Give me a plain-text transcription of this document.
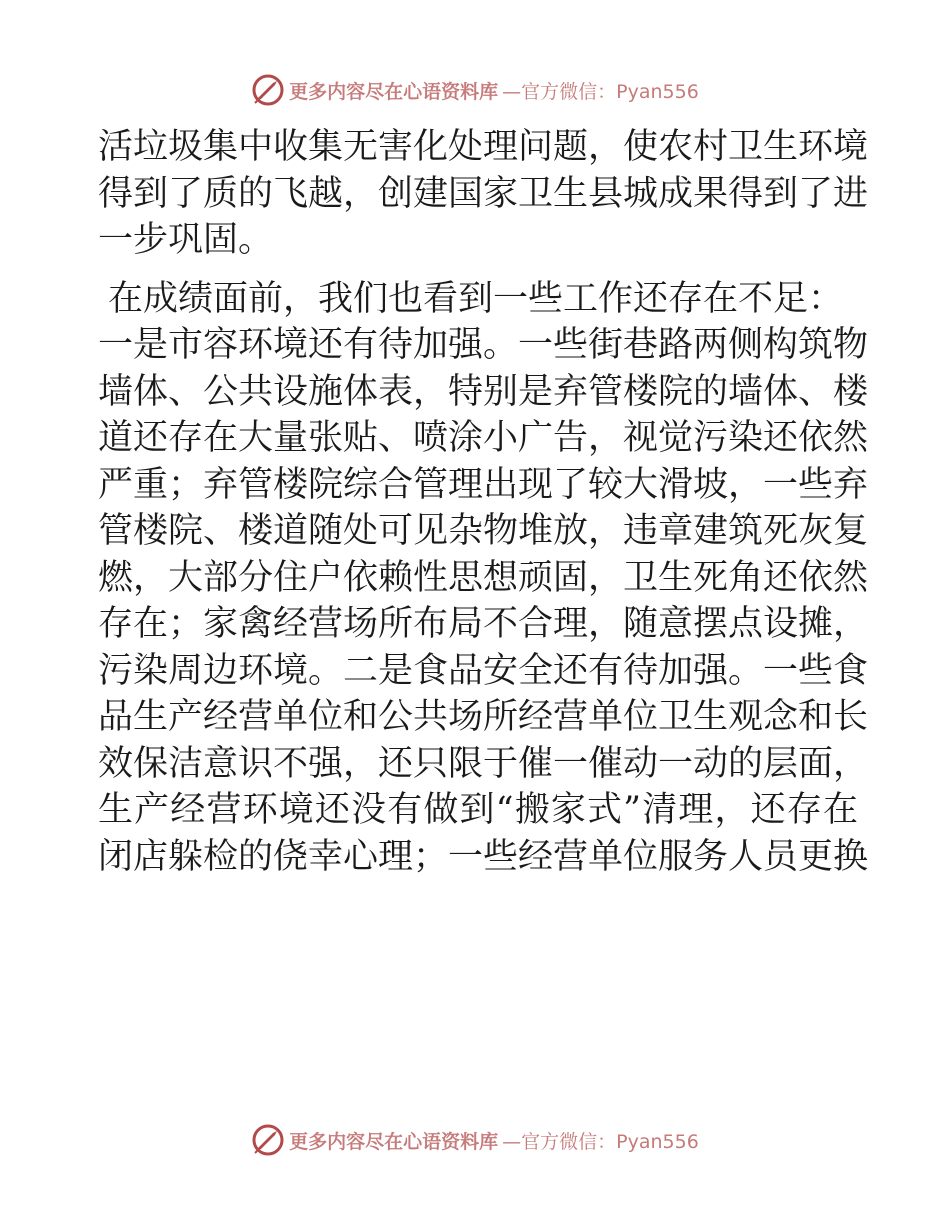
更多内容尽在心语资料库 —官方微信：Pyan556
活垃圾集中收集无害化处理问题，使农村卫生环境
得到了质的飞越，创建国家卫生县城成果得到了进
一步巩固。
在成绩面前，我们也看到一些工作还存在不足：
一是市容环境还有待加强。一些街巷路两侧构筑物
墙体、公共设施体表，特别是弃管楼院的墙体、楼
道还存在大量张贴、喷涂小广告，视觉污染还依然
严重；弃管楼院综合管理出现了较大滑坡，一些弃
管楼院、楼道随处可见杂物堆放，违章建筑死灰复
燃，大部分住户依赖性思想顽固，卫生死角还依然
存在；家禽经营场所布局不合理，随意摆点设摊，
污染周边环境。二是食品安全还有待加强。一些食
品生产经营单位和公共场所经营单位卫生观念和长
效保洁意识不强，还只限于催一催动一动的层面，
生产经营环境还没有做到“搬家式”清理，还存在
闭店躲检的侥幸心理；一些经营单位服务人员更换
更多内容尽在心语资料库 —官方微信：Pyan556
